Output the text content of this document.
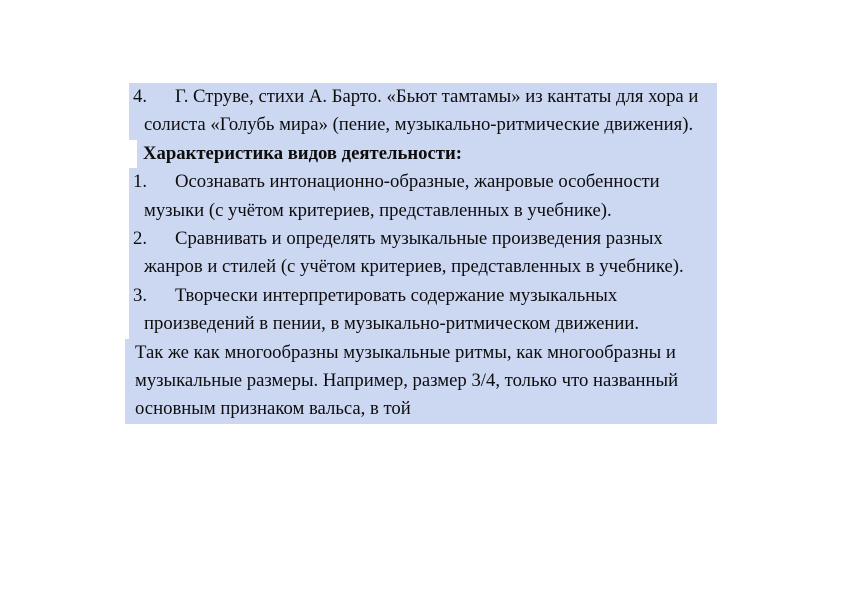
4. Г. Струве, стихи А. Барто. «Бьют тамтамы» из кантаты для хора и солиста «Голубь мира» (пение, музыкально-ритмические движения).

Характеристика видов деятельности:

1. Осознавать интонационно-образные, жанровые особенности музыки (с учётом критериев, представленных в учебнике).

2. Сравнивать и определять музыкальные произведения разных жанров и стилей (с учётом критериев, представленных в учебнике).

3. Творчески интерпретировать содержание музыкальных произведений в пении, в музыкально-ритмическом движении.

Так же как многообразны музыкальные ритмы, как многообразны и музыкальные размеры. Например, размер 3/4, только что названный основным признаком вальса, в той
